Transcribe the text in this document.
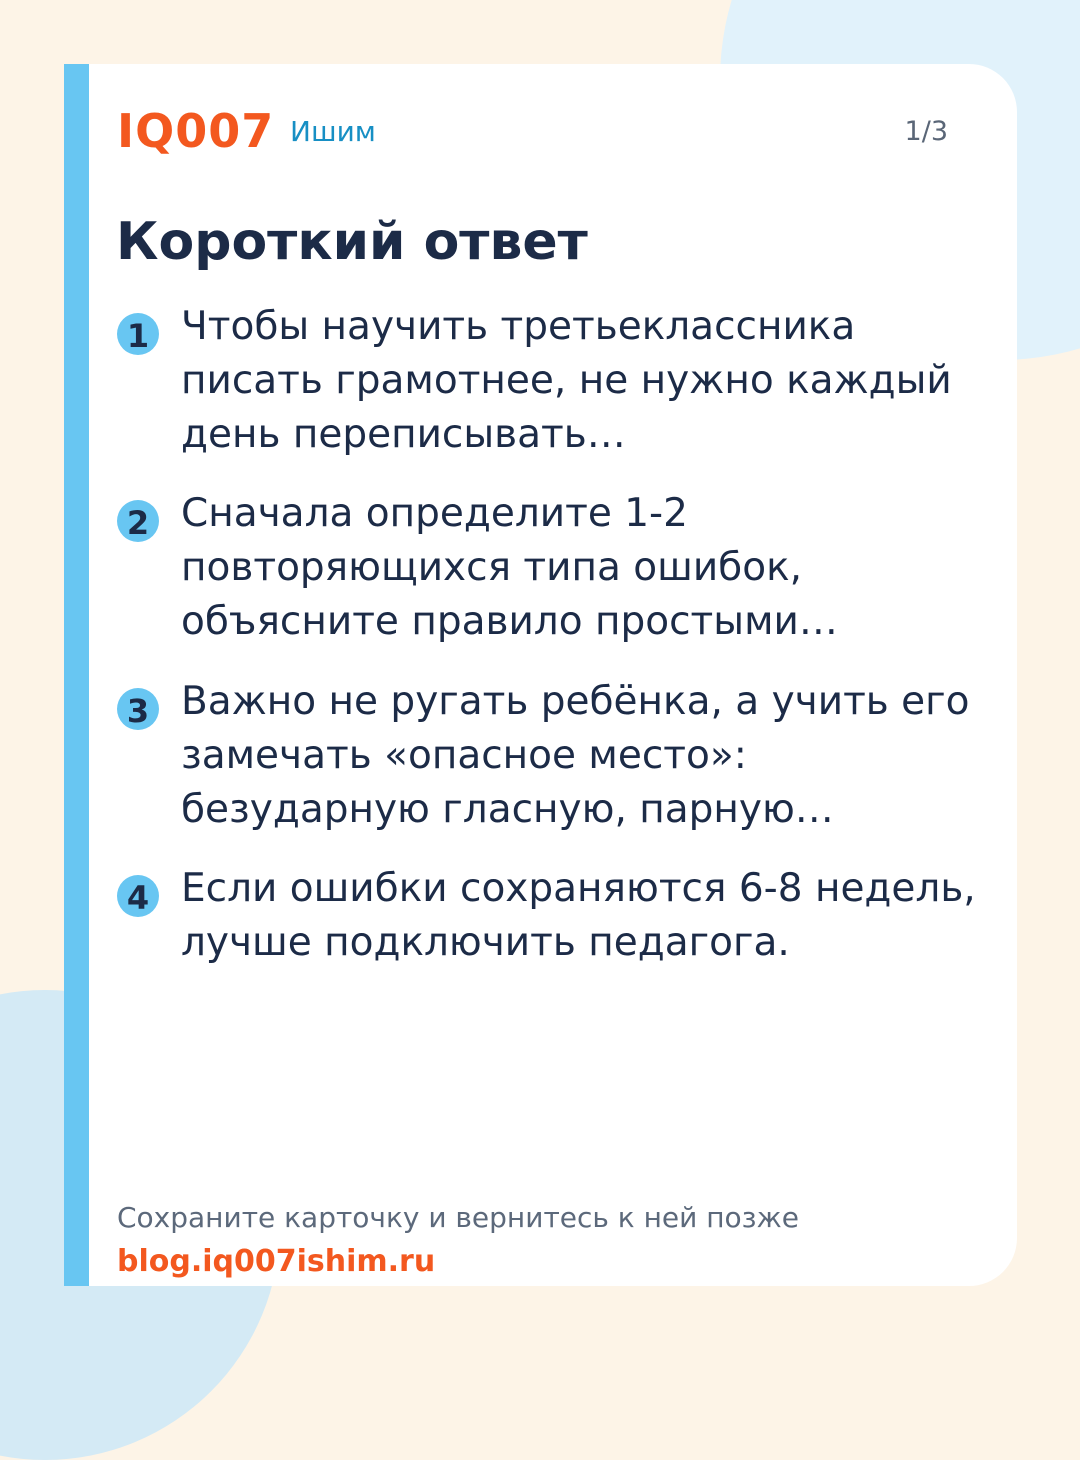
IQ007 Ишим	1/3
Короткий ответ
1 Чтобы научить третьеклассника писать грамотнее, не нужно каждый день переписывать…
2 Сначала определите 1-2 повторяющихся типа ошибок, объясните правило простыми…
3 Важно не ругать ребёнка, а учить его замечать «опасное место»: безударную гласную, парную…
4 Если ошибки сохраняются 6-8 недель, лучше подключить педагога.
Сохраните карточку и вернитесь к ней позже
blog.iq007ishim.ru
